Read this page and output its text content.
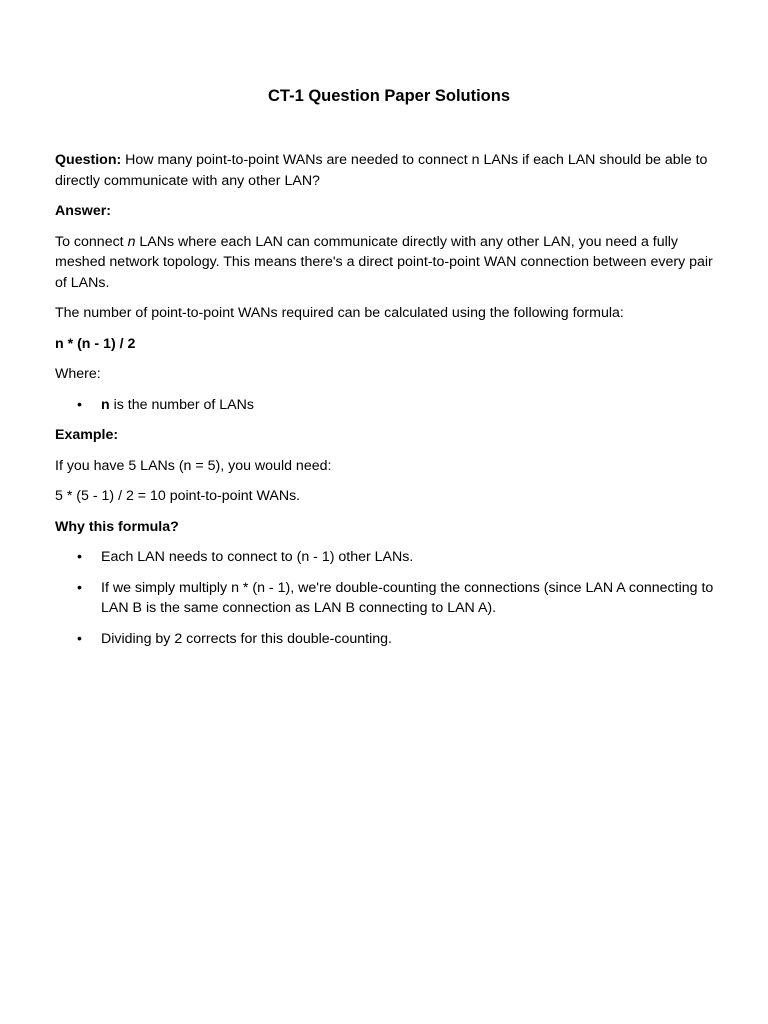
CT-1 Question Paper Solutions

Question: How many point-to-point WANs are needed to connect n LANs if each LAN should be able to directly communicate with any other LAN?

Answer:

To connect n LANs where each LAN can communicate directly with any other LAN, you need a fully meshed network topology. This means there's a direct point-to-point WAN connection between every pair of LANs.

The number of point-to-point WANs required can be calculated using the following formula:

n * (n - 1) / 2

Where:

• n is the number of LANs

Example:

If you have 5 LANs (n = 5), you would need:

5 * (5 - 1) / 2 = 10 point-to-point WANs.

Why this formula?

• Each LAN needs to connect to (n - 1) other LANs.
• If we simply multiply n * (n - 1), we're double-counting the connections (since LAN A connecting to LAN B is the same connection as LAN B connecting to LAN A).
• Dividing by 2 corrects for this double-counting.
